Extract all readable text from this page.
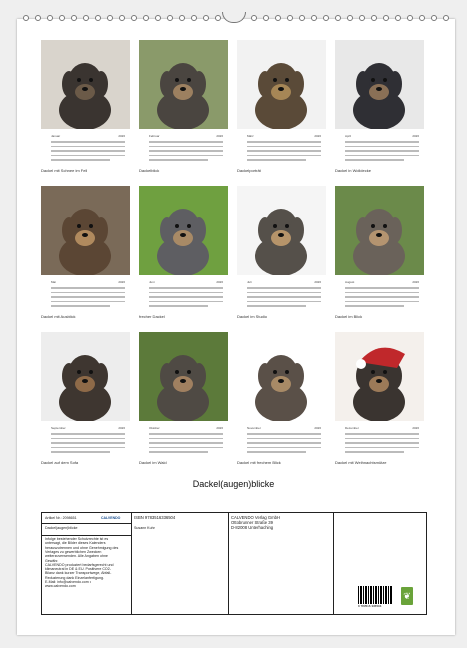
Januar	2026
Dackel mit Schnee im Fell
Februar	2026
Dackelblick
März	2026
Dackelporträt
April	2026
Dackel in Wolldecke
Mai	2026
Dackel mit Ausblick
Juni	2026
frecher Dackel
Juli	2026
Dackel im Studio
August	2026
Dackel im Blick
September	2026
Dackel auf dem Sofa
Oktober	2026
Dackel im Wald
November	2026
Dackel mit frechem Blick
Dezember	2026
Dackel mit Weihnachtsmütze
Dackel(augen)blicke
Artikel Nr.: 2098651	CALVENDO
Dackel(augen)blicke
Infolge bestehender Schutzrechte ist es
untersagt, die Bilder dieses Kalenders
herauszutrennen und ohne Genehmigung des
Verlages zu gewerblichen Zwecken
weiterzuverwenden. Alle Angaben ohne
Gewähr.
CALVENDO produziert bedarfsgerecht und
klimaneutral in DE & EU. Positivere CO2-
Bilanz dank kurzer Transportwege, Abfall-
Reduzierung dank Einzelanfertigung.
E-Mail: info@calvendo.com •
www.calvendo.com
ISBN 9783516336504
Susann Kuhr
CALVENDO Verlag GmbH
Ottobrunner Straße 39
D-82008 Unterhaching
9 783516 336504
❦
